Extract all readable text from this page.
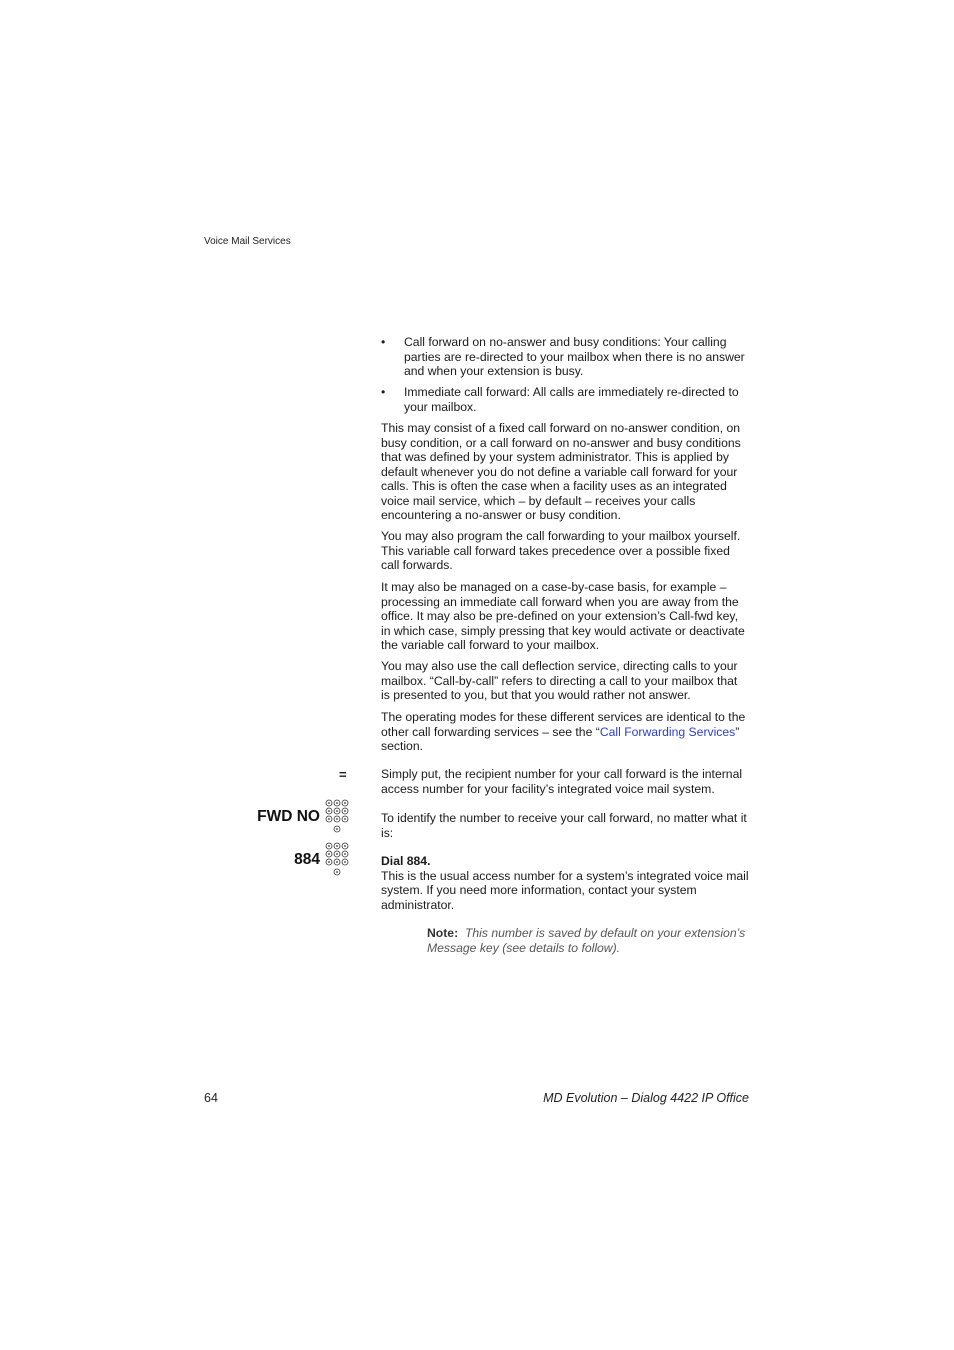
Voice Mail Services
• Call forward on no-answer and busy conditions: Your calling parties are re-directed to your mailbox when there is no answer and when your extension is busy.
• Immediate call forward: All calls are immediately re-directed to your mailbox.

This may consist of a fixed call forward on no-answer condition, on busy condition, or a call forward on no-answer and busy conditions that was defined by your system administrator. This is applied by default whenever you do not define a variable call forward for your calls. This is often the case when a facility uses as an integrated voice mail service, which – by default – receives your calls encountering a no-answer or busy condition.

You may also program the call forwarding to your mailbox yourself. This variable call forward takes precedence over a possible fixed call forwards.

It may also be managed on a case-by-case basis, for example – processing an immediate call forward when you are away from the office. It may also be pre-defined on your extension’s Call-fwd key, in which case, simply pressing that key would activate or deactivate the variable call forward to your mailbox.

You may also use the call deflection service, directing calls to your mailbox. “Call-by-call” refers to directing a call to your mailbox that is presented to you, but that you would rather not answer.

The operating modes for these different services are identical to the other call forwarding services – see the “Call Forwarding Services” section.

=	Simply put, the recipient number for your call forward is the internal access number for your facility’s integrated voice mail system.

FWD NO	To identify the number to receive your call forward, no matter what it is:

884	Dial 884.
This is the usual access number for a system’s integrated voice mail system. If you need more information, contact your system administrator.
Note: This number is saved by default on your extension’s Message key (see details to follow).
64	MD Evolution – Dialog 4422 IP Office
